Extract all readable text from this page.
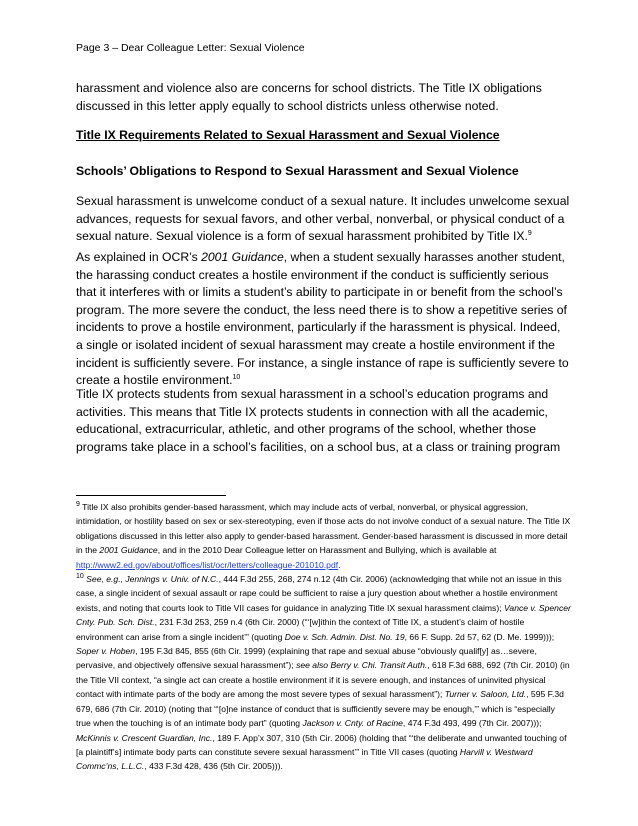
Page 3 – Dear Colleague Letter: Sexual Violence

harassment and violence also are concerns for school districts. The Title IX obligations discussed in this letter apply equally to school districts unless otherwise noted.

Title IX Requirements Related to Sexual Harassment and Sexual Violence
Schools’ Obligations to Respond to Sexual Harassment and Sexual Violence

Sexual harassment is unwelcome conduct of a sexual nature. It includes unwelcome sexual advances, requests for sexual favors, and other verbal, nonverbal, or physical conduct of a sexual nature. Sexual violence is a form of sexual harassment prohibited by Title IX.$^9$

As explained in OCR’s 2001 Guidance, when a student sexually harasses another student, the harassing conduct creates a hostile environment if the conduct is sufficiently serious that it interferes with or limits a student’s ability to participate in or benefit from the school’s program. The more severe the conduct, the less need there is to show a repetitive series of incidents to prove a hostile environment, particularly if the harassment is physical. Indeed, a single or isolated incident of sexual harassment may create a hostile environment if the incident is sufficiently severe. For instance, a single instance of rape is sufficiently severe to create a hostile environment.$^{10}$

Title IX protects students from sexual harassment in a school’s education programs and activities. This means that Title IX protects students in connection with all the academic, educational, extracurricular, athletic, and other programs of the school, whether those programs take place in a school’s facilities, on a school bus, at a class or training program

$^9$ Title IX also prohibits gender-based harassment, which may include acts of verbal, nonverbal, or physical aggression, intimidation, or hostility based on sex or sex-stereotyping, even if those acts do not involve conduct of a sexual nature. The Title IX obligations discussed in this letter also apply to gender-based harassment. Gender-based harassment is discussed in more detail in the 2001 Guidance, and in the 2010 Dear Colleague letter on Harassment and Bullying, which is available at http://www2.ed.gov/about/offices/list/ocr/letters/colleague-201010.pdf.

$^{10}$ See, e.g., Jennings v. Univ. of N.C., 444 F.3d 255, 268, 274 n.12 (4th Cir. 2006) (acknowledging that while not an issue in this case, a single incident of sexual assault or rape could be sufficient to raise a jury question about whether a hostile environment exists, and noting that courts look to Title VII cases for guidance in analyzing Title IX sexual harassment claims); Vance v. Spencer Cnty. Pub. Sch. Dist., 231 F.3d 253, 259 n.4 (6th Cir. 2000) (“‘[w]ithin the context of Title IX, a student’s claim of hostile environment can arise from a single incident’” (quoting Doe v. Sch. Admin. Dist. No. 19, 66 F. Supp. 2d 57, 62 (D. Me. 1999))); Soper v. Hoben, 195 F.3d 845, 855 (6th Cir. 1999) (explaining that rape and sexual abuse “obviously qualif[y] as…severe, pervasive, and objectively offensive sexual harassment”); see also Berry v. Chi. Transit Auth., 618 F.3d 688, 692 (7th Cir. 2010) (in the Title VII context, “a single act can create a hostile environment if it is severe enough, and instances of uninvited physical contact with intimate parts of the body are among the most severe types of sexual harassment”); Turner v. Saloon, Ltd., 595 F.3d 679, 686 (7th Cir. 2010) (noting that “‘[o]ne instance of conduct that is sufficiently severe may be enough,’” which is “especially true when the touching is of an intimate body part” (quoting Jackson v. Cnty. of Racine, 474 F.3d 493, 499 (7th Cir. 2007))); McKinnis v. Crescent Guardian, Inc., 189 F. App’x 307, 310 (5th Cir. 2006) (holding that “‘the deliberate and unwanted touching of [a plaintiff’s] intimate body parts can constitute severe sexual harassment’” in Title VII cases (quoting Harvill v. Westward Commc’ns, L.L.C., 433 F.3d 428, 436 (5th Cir. 2005))).
